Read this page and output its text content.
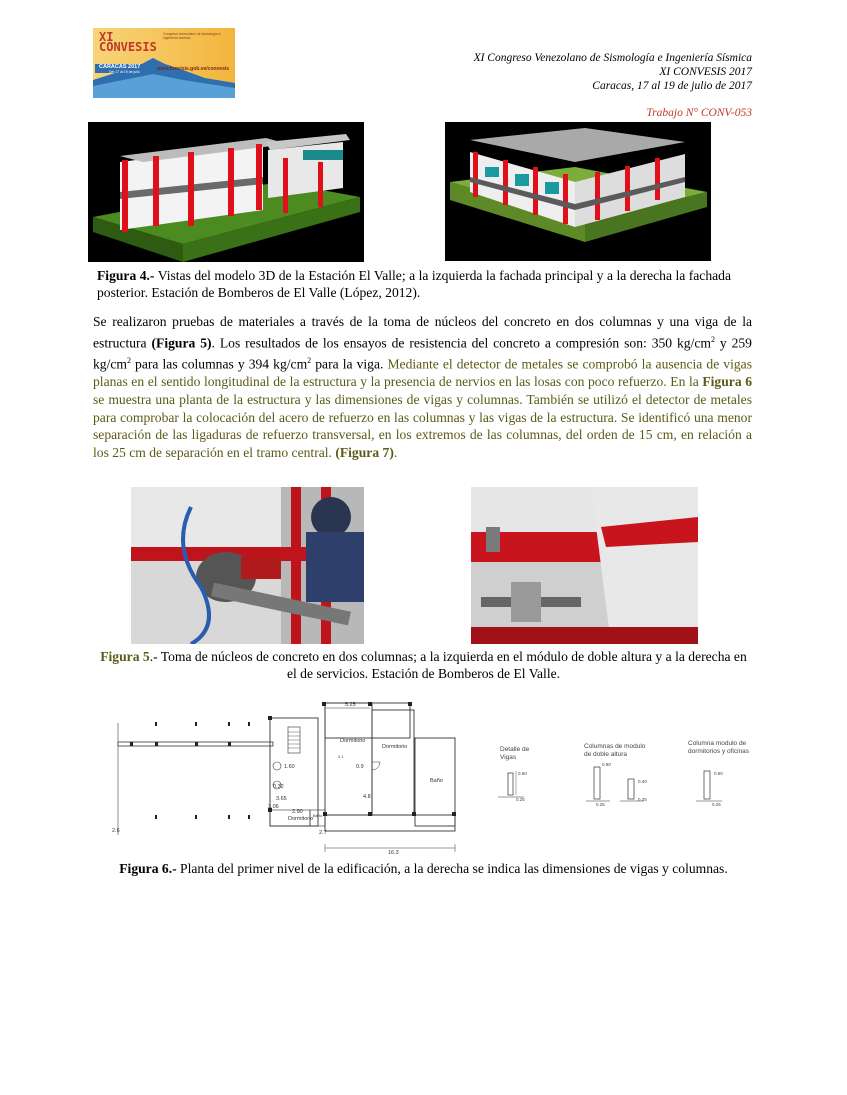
XI
CONVESIS
Congreso venezolano de sismología e ingeniería sísmica
CARACAS 2017
Del 17 al 19 de julio	www.funvisis.gob.ve/convesis
XI Congreso Venezolano de Sismología e Ingeniería Sísmica
XI CONVESIS 2017
Caracas, 17 al 19 de julio de 2017
Trabajo N° CONV-053
Figura 4.- Vistas del modelo 3D de la Estación El Valle; a la izquierda la fachada principal y a la derecha la fachada posterior. Estación de Bomberos de El Valle (López, 2012).
Se realizaron pruebas de materiales a través de la toma de núcleos del concreto en dos columnas y una viga de la estructura (Figura 5). Los resultados de los ensayos de resistencia del concreto a compresión son: 350 $kg/cm^2$ y 259 $kg/cm^2$ para las columnas y 394 $kg/cm^2$ para la viga. Mediante el detector de metales se comprobó la ausencia de vigas planas en el sentido longitudinal de la estructura y la presencia de nervios en las losas con poco refuerzo. En la Figura 6 se muestra una planta de la estructura y las dimensiones de vigas y columnas. También se utilizó el detector de metales para comprobar la colocación del acero de refuerzo en las columnas y las vigas de la estructura. Se identificó una menor separación de las ligaduras de refuerzo transversal, en los extremos de las columnas, del orden de 15 cm, en relación a los 25 cm de separación en el tramo central. (Figura 7).
Figura 5.- Toma de núcleos de concreto en dos columnas; a la izquierda en el módulo de doble altura y a la derecha en el de servicios. Estación de Bomberos de El Valle.
5.25
Dormitorio
Dormitorio
Dormitorio
Baño
Baño
1.60
0.32
3.65
3.06
2.90
0.9
4.8
2.1
2.7
2.6
16.3
Detalle de
Vigas
0.60
0.25
Columnas de modulo
de doble altura
0.90
0.25
0.40
0.25
Columna modulo de
dormitorios y oficinas
0.60
0.25
Figura 6.- Planta del primer nivel de la edificación, a la derecha se indica las dimensiones de vigas y columnas.
